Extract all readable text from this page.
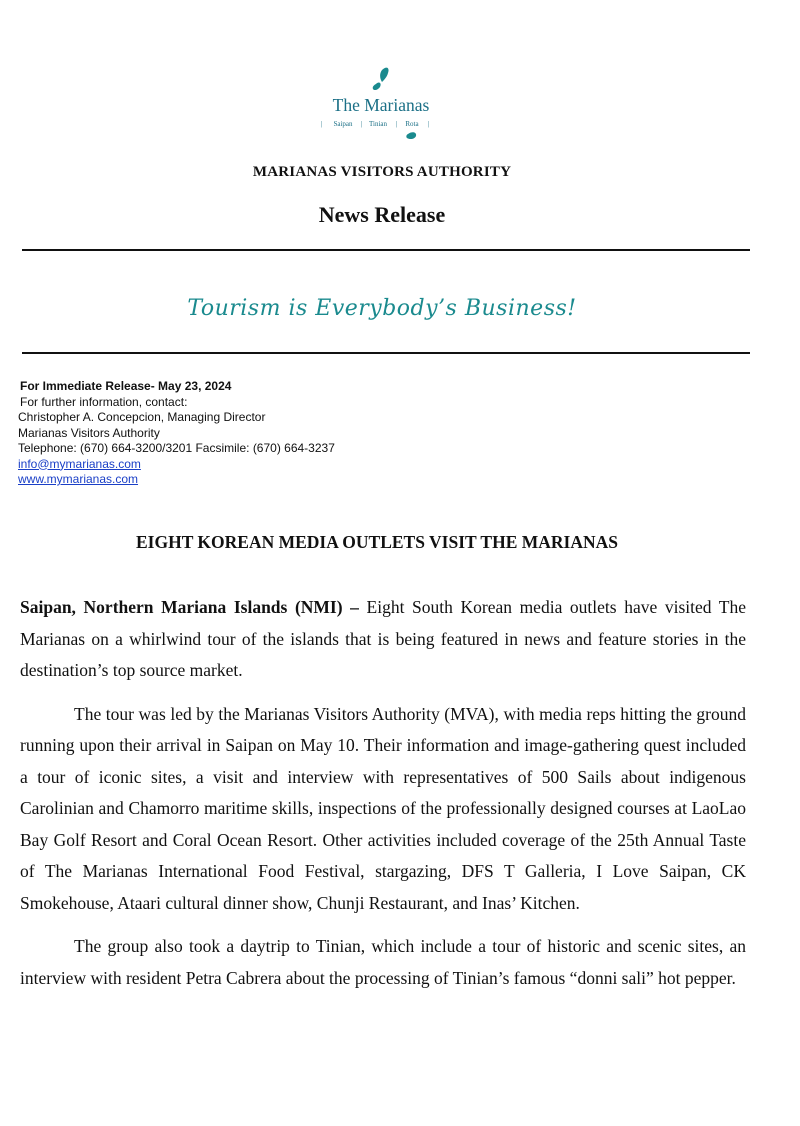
The Marianas
| Saipan | Tinian | Rota |
MARIANAS VISITORS AUTHORITY
News Release
Tourism is Everybody’s Business!
For Immediate Release- May 23, 2024
For further information, contact:
Christopher A. Concepcion, Managing Director
Marianas Visitors Authority
Telephone: (670) 664-3200/3201 Facsimile: (670) 664-3237
info@mymarianas.com
www.mymarianas.com
EIGHT KOREAN MEDIA OUTLETS VISIT THE MARIANAS

Saipan, Northern Mariana Islands (NMI) – Eight South Korean media outlets have visited The Marianas on a whirlwind tour of the islands that is being featured in news and feature stories in the destination’s top source market.

The tour was led by the Marianas Visitors Authority (MVA), with media reps hitting the ground running upon their arrival in Saipan on May 10. Their information and image-gathering quest included a tour of iconic sites, a visit and interview with representatives of 500 Sails about indigenous Carolinian and Chamorro maritime skills, inspections of the professionally designed courses at LaoLao Bay Golf Resort and Coral Ocean Resort. Other activities included coverage of the 25th Annual Taste of The Marianas International Food Festival, stargazing, DFS T Galleria, I Love Saipan, CK Smokehouse, Ataari cultural dinner show, Chunji Restaurant, and Inas’ Kitchen.

The group also took a daytrip to Tinian, which include a tour of historic and scenic sites, an interview with resident Petra Cabrera about the processing of Tinian’s famous “donni sali” hot pepper.
